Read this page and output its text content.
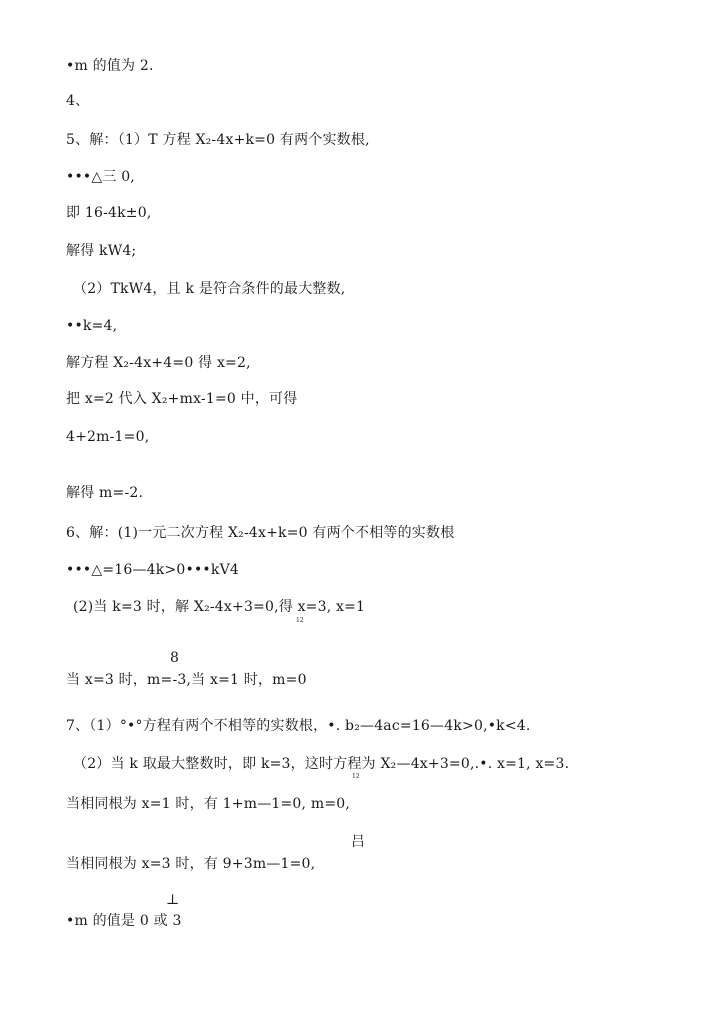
•m 的值为 2.
4、
5、解：（1）T 方程 X₂-4x+k=0 有两个实数根,
•••△三 0,
即 16-4k±0,
解得 kW4;
（2）TkW4，且 k 是符合条件的最大整数,
••k=4,
解方程 X₂-4x+4=0 得 x=2,
把 x=2 代入 X₂+mx-1=0 中，可得
4+2m-1=0,
解得 m=-2.
6、解：(1)一元二次方程 X₂-4x+k=0 有两个不相等的实数根
•••△=16—4k>0•••kV4
(2)当 k=3 时，解 X₂-4x+3=0,得 x=3, x=1
12
8
当 x=3 时，m=-3,当 x=1 时，m=0
7、（1）°•°方程有两个不相等的实数根，•. b₂—4ac=16—4k>0,•k<4.
（2）当 k 取最大整数时，即 k=3，这时方程为 X₂—4x+3=0,.•. x=1, x=3.
12
当相同根为 x=1 时，有 1+m—1=0, m=0,
吕
当相同根为 x=3 时，有 9+3m—1=0,
⊥
•m 的值是 0 或 3
